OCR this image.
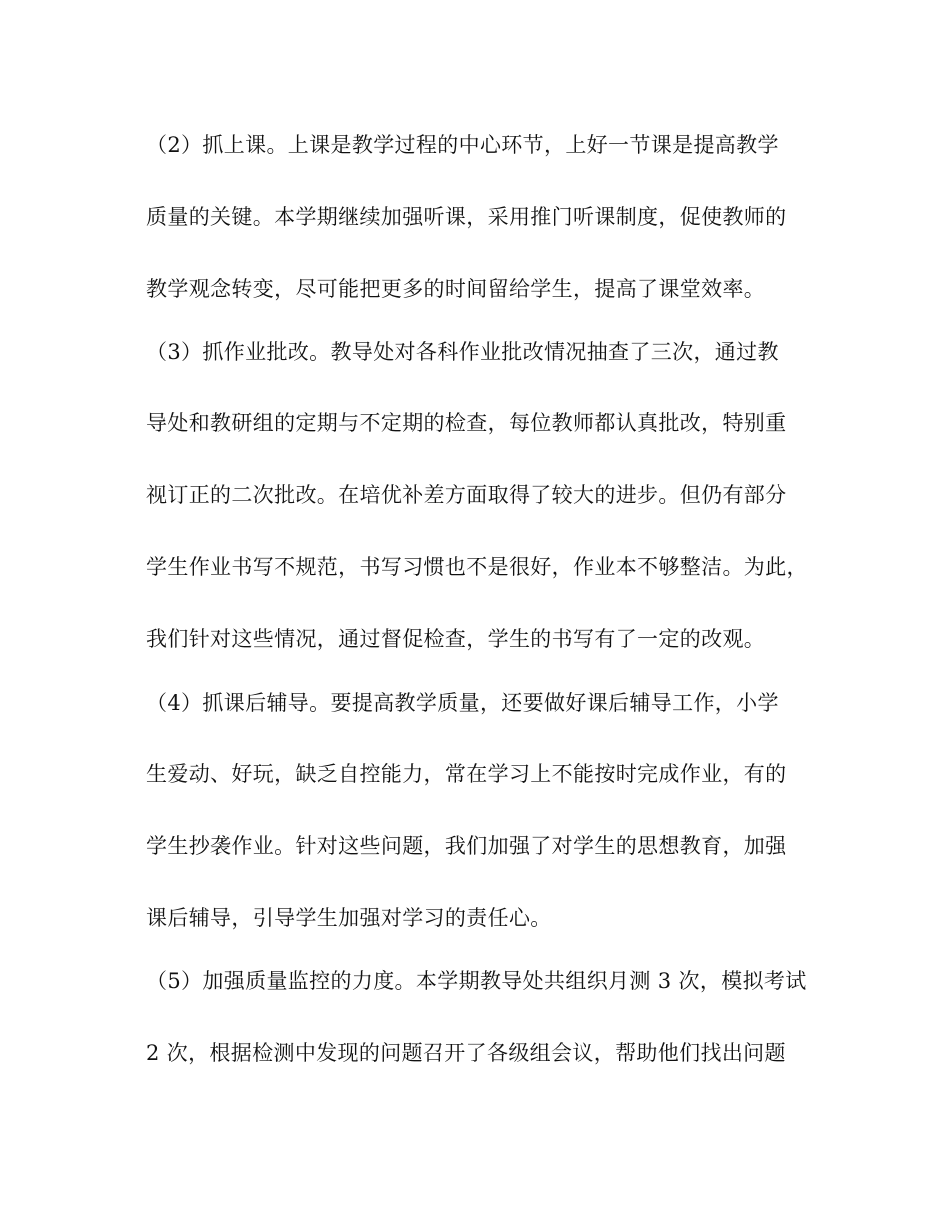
（2）抓上课。上课是教学过程的中心环节，上好一节课是提高教学
质量的关键。本学期继续加强听课，采用推门听课制度，促使教师的
教学观念转变，尽可能把更多的时间留给学生，提高了课堂效率。
（3）抓作业批改。教导处对各科作业批改情况抽查了三次，通过教
导处和教研组的定期与不定期的检查，每位教师都认真批改，特别重
视订正的二次批改。在培优补差方面取得了较大的进步。但仍有部分
学生作业书写不规范，书写习惯也不是很好，作业本不够整洁。为此，
我们针对这些情况，通过督促检查，学生的书写有了一定的改观。
（4）抓课后辅导。要提高教学质量，还要做好课后辅导工作，小学
生爱动、好玩，缺乏自控能力，常在学习上不能按时完成作业，有的
学生抄袭作业。针对这些问题，我们加强了对学生的思想教育，加强
课后辅导，引导学生加强对学习的责任心。
（5）加强质量监控的力度。本学期教导处共组织月测 3 次，模拟考试
2 次，根据检测中发现的问题召开了各级组会议，帮助他们找出问题
